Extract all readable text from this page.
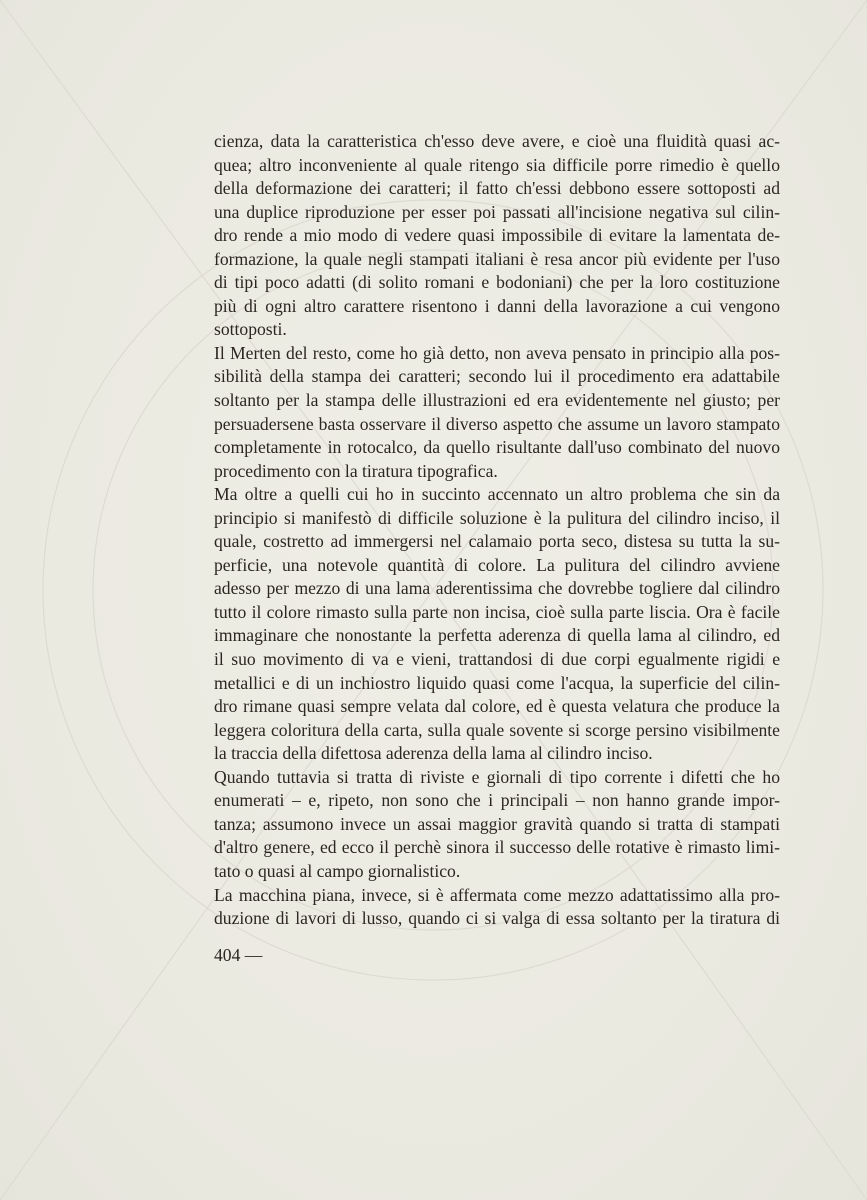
cienza, data la caratteristica ch'esso deve avere, e cioè una fluidità quasi ac-
quea; altro inconveniente al quale ritengo sia difficile porre rimedio è quello
della deformazione dei caratteri; il fatto ch'essi debbono essere sottoposti ad
una duplice riproduzione per esser poi passati all'incisione negativa sul cilin-
dro rende a mio modo di vedere quasi impossibile di evitare la lamentata de-
formazione, la quale negli stampati italiani è resa ancor più evidente per l'uso
di tipi poco adatti (di solito romani e bodoniani) che per la loro costituzione
più di ogni altro carattere risentono i danni della lavorazione a cui vengono
sottoposti.
Il Merten del resto, come ho già detto, non aveva pensato in principio alla pos-
sibilità della stampa dei caratteri; secondo lui il procedimento era adattabile
soltanto per la stampa delle illustrazioni ed era evidentemente nel giusto; per
persuadersene basta osservare il diverso aspetto che assume un lavoro stampato
completamente in rotocalco, da quello risultante dall'uso combinato del nuovo
procedimento con la tiratura tipografica.
Ma oltre a quelli cui ho in succinto accennato un altro problema che sin da
principio si manifestò di difficile soluzione è la pulitura del cilindro inciso, il
quale, costretto ad immergersi nel calamaio porta seco, distesa su tutta la su-
perficie, una notevole quantità di colore. La pulitura del cilindro avviene
adesso per mezzo di una lama aderentissima che dovrebbe togliere dal cilindro
tutto il colore rimasto sulla parte non incisa, cioè sulla parte liscia. Ora è facile
immaginare che nonostante la perfetta aderenza di quella lama al cilindro, ed
il suo movimento di va e vieni, trattandosi di due corpi egualmente rigidi e
metallici e di un inchiostro liquido quasi come l'acqua, la superficie del cilin-
dro rimane quasi sempre velata dal colore, ed è questa velatura che produce la
leggera coloritura della carta, sulla quale sovente si scorge persino visibilmente
la traccia della difettosa aderenza della lama al cilindro inciso.
Quando tuttavia si tratta di riviste e giornali di tipo corrente i difetti che ho
enumerati – e, ripeto, non sono che i principali – non hanno grande impor-
tanza; assumono invece un assai maggior gravità quando si tratta di stampati
d'altro genere, ed ecco il perchè sinora il successo delle rotative è rimasto limi-
tato o quasi al campo giornalistico.
La macchina piana, invece, si è affermata come mezzo adattatissimo alla pro-
duzione di lavori di lusso, quando ci si valga di essa soltanto per la tiratura di
404 —
